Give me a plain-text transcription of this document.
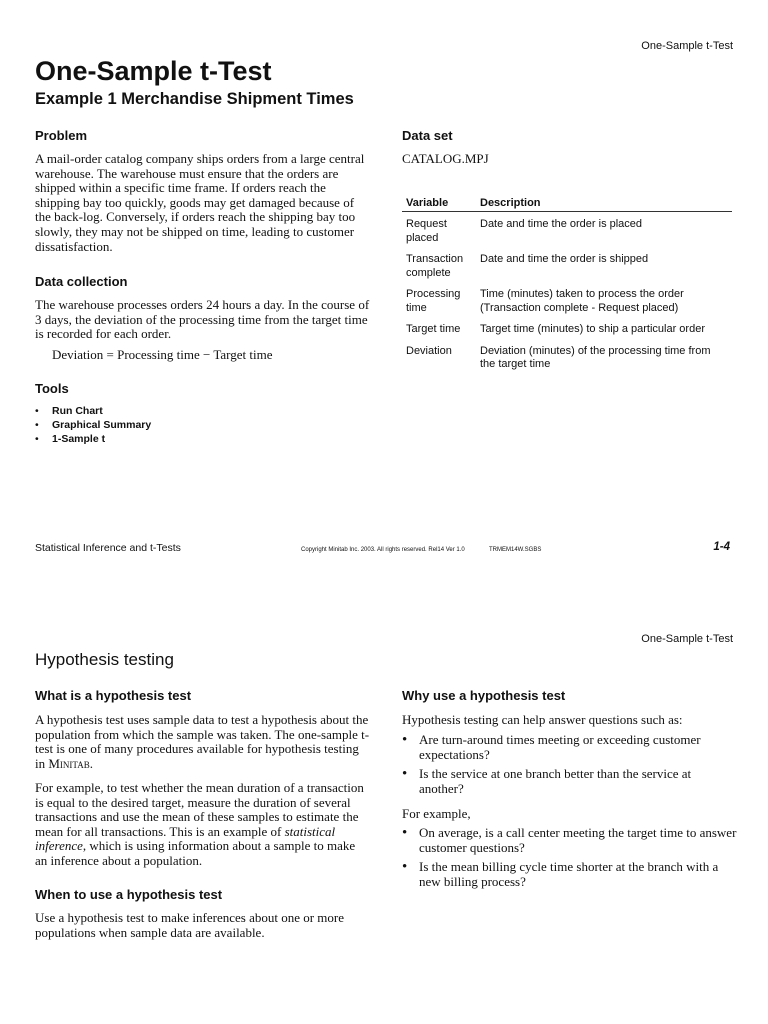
One-Sample t-Test
One-Sample t-Test
Example 1 Merchandise Shipment Times
Problem

A mail-order catalog company ships orders from a large central warehouse. The warehouse must ensure that the orders are shipped within a specific time frame. If orders reach the shipping bay too quickly, goods may get damaged because of the back-log. Conversely, if orders reach the shipping bay too slowly, they may not be shipped on time, leading to customer dissatisfaction.

Data collection

The warehouse processes orders 24 hours a day. In the course of 3 days, the deviation of the processing time from the target time is recorded for each order.

Deviation = Processing time − Target time

Tools
• Run Chart
• Graphical Summary
• 1-Sample t
Data set

CATALOG.MPJ

Variable	Description
Request placed	Date and time the order is placed
Transaction complete	Date and time the order is shipped
Processing time	Time (minutes) taken to process the order (Transaction complete - Request placed)
Target time	Target time (minutes) to ship a particular order
Deviation	Deviation (minutes) of the processing time from the target time
Statistical Inference and t-Tests	Copyright Minitab Inc. 2003. All rights reserved. Rel14 Ver 1.0	TRMEM14W.SGBS	1-4
One-Sample t-Test
Hypothesis testing
What is a hypothesis test

A hypothesis test uses sample data to test a hypothesis about the population from which the sample was taken. The one-sample t-test is one of many procedures available for hypothesis testing in Minitab.

For example, to test whether the mean duration of a transaction is equal to the desired target, measure the duration of several transactions and use the mean of these samples to estimate the mean for all transactions. This is an example of statistical inference, which is using information about a sample to make an inference about a population.

When to use a hypothesis test

Use a hypothesis test to make inferences about one or more populations when sample data are available.

Why use a hypothesis test

Hypothesis testing can help answer questions such as:

• Are turn-around times meeting or exceeding customer expectations?
• Is the service at one branch better than the service at another?

For example,

• On average, is a call center meeting the target time to answer customer questions?
• Is the mean billing cycle time shorter at the branch with a new billing process?
